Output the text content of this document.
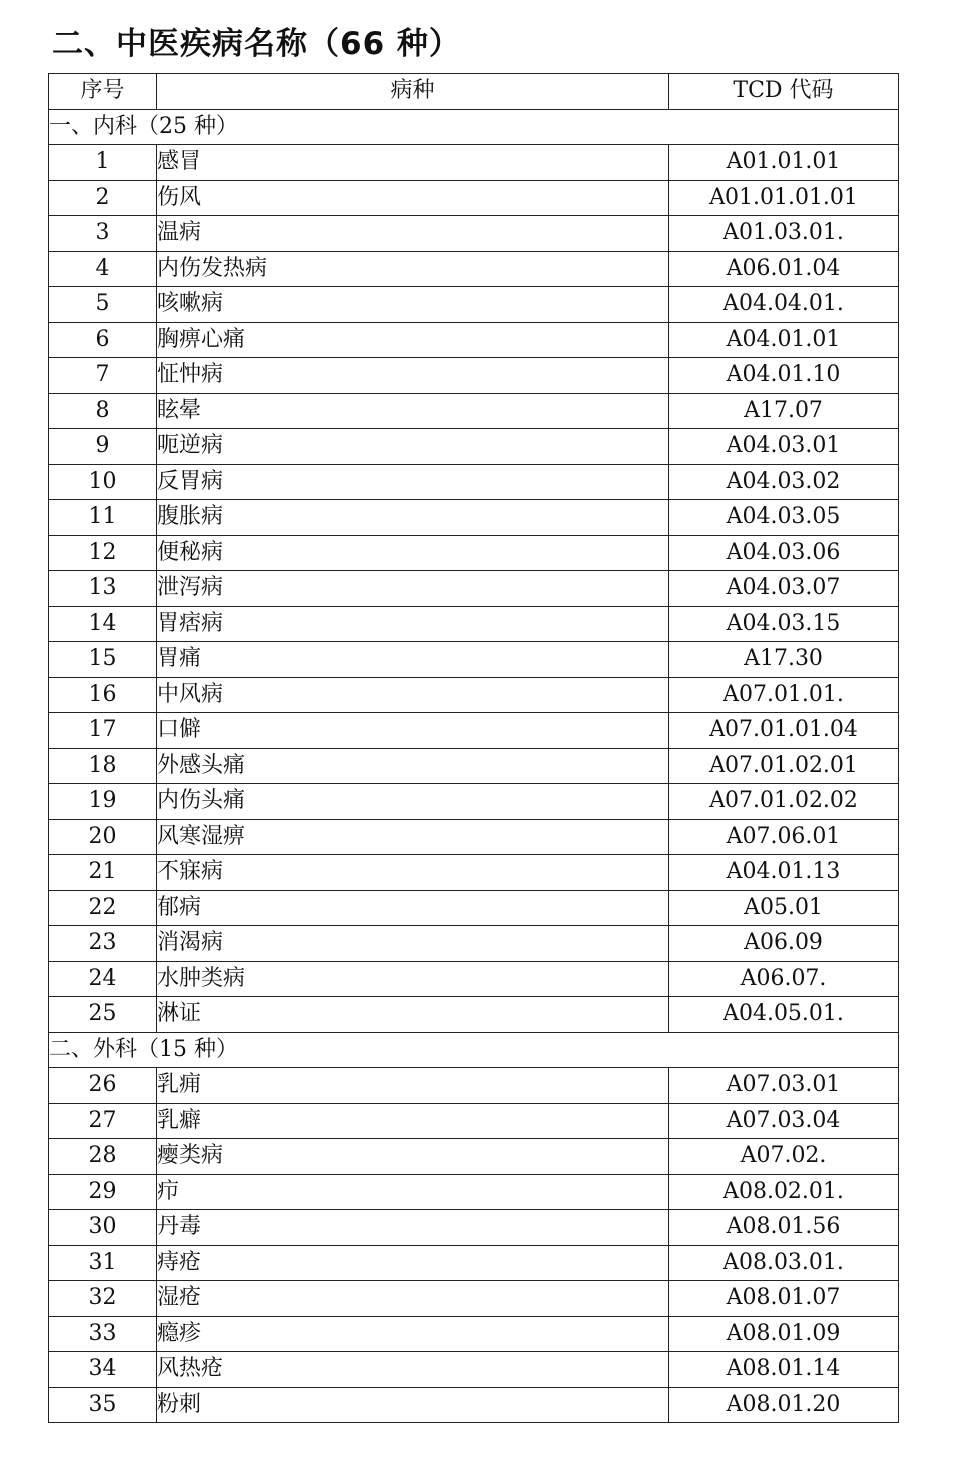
二、中医疾病名称（66 种）
序号	病种	TCD 代码
一、内科（25 种）		
1	感冒	A01.01.01
2	伤风	A01.01.01.01
3	温病	A01.03.01.
4	内伤发热病	A06.01.04
5	咳嗽病	A04.04.01.
6	胸痹心痛	A04.01.01
7	怔忡病	A04.01.10
8	眩晕	A17.07
9	呃逆病	A04.03.01
10	反胃病	A04.03.02
11	腹胀病	A04.03.05
12	便秘病	A04.03.06
13	泄泻病	A04.03.07
14	胃痞病	A04.03.15
15	胃痛	A17.30
16	中风病	A07.01.01.
17	口僻	A07.01.01.04
18	外感头痛	A07.01.02.01
19	内伤头痛	A07.01.02.02
20	风寒湿痹	A07.06.01
21	不寐病	A04.01.13
22	郁病	A05.01
23	消渴病	A06.09
24	水肿类病	A06.07.
25	淋证	A04.05.01.
二、外科（15 种）		
26	乳痈	A07.03.01
27	乳癖	A07.03.04
28	瘿类病	A07.02.
29	疖	A08.02.01.
30	丹毒	A08.01.56
31	痔疮	A08.03.01.
32	湿疮	A08.01.07
33	瘾疹	A08.01.09
34	风热疮	A08.01.14
35	粉刺	A08.01.20
